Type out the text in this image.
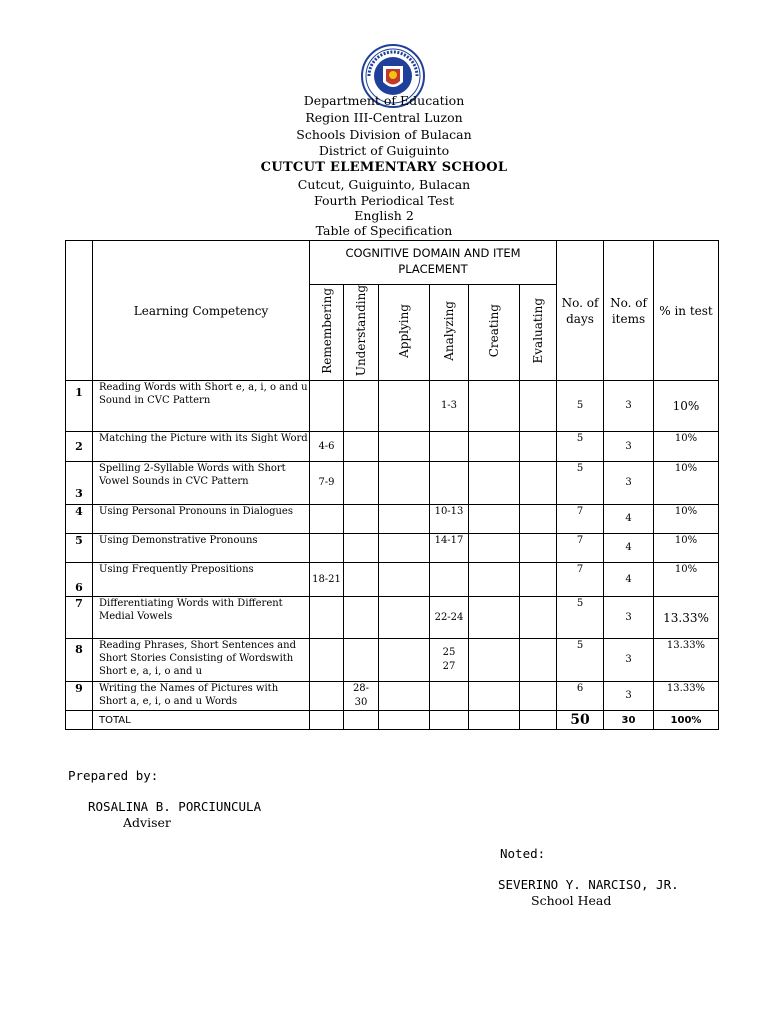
Department of Education
Region III-Central Luzon
Schools Division of Bulacan
District of Guiguinto
CUTCUT ELEMENTARY SCHOOL
Cutcut, Guiguinto, Bulacan
Fourth Periodical Test
English 2
Table of Specification
	Learning Competency	COGNITIVE DOMAIN AND ITEM PLACEMENT						No. of days	No. of items	% in test
		Remembering	Understanding	Applying	Analyzing	Creating	Evaluating			
1	Reading Words with Short e, a, i, o and u Sound in CVC Pattern				1-3			5	3	10%
2	Matching the Picture with its Sight Word	4-6						5	3	10%
3	Spelling 2-Syllable Words with Short Vowel Sounds in CVC Pattern	7-9						5	3	10%
4	Using Personal Pronouns in Dialogues				10-13			7	4	10%
5	Using Demonstrative Pronouns				14-17			7	4	10%
6	Using Frequently Prepositions	18-21						7	4	10%
7	Differentiating Words with Different Medial Vowels				22-24			5	3	13.33%
8	Reading Phrases, Short Sentences and Short Stories Consisting of Wordswith Short e, a, i, o and u				25 27			5	3	13.33%
9	Writing the Names of Pictures with Short a, e, i, o and u Words		28-30					6	3	13.33%
	TOTAL							50	30	100%
Prepared by:
ROSALINA B. PORCIUNCULA
Adviser
Noted:
SEVERINO Y. NARCISO, JR.
School Head
